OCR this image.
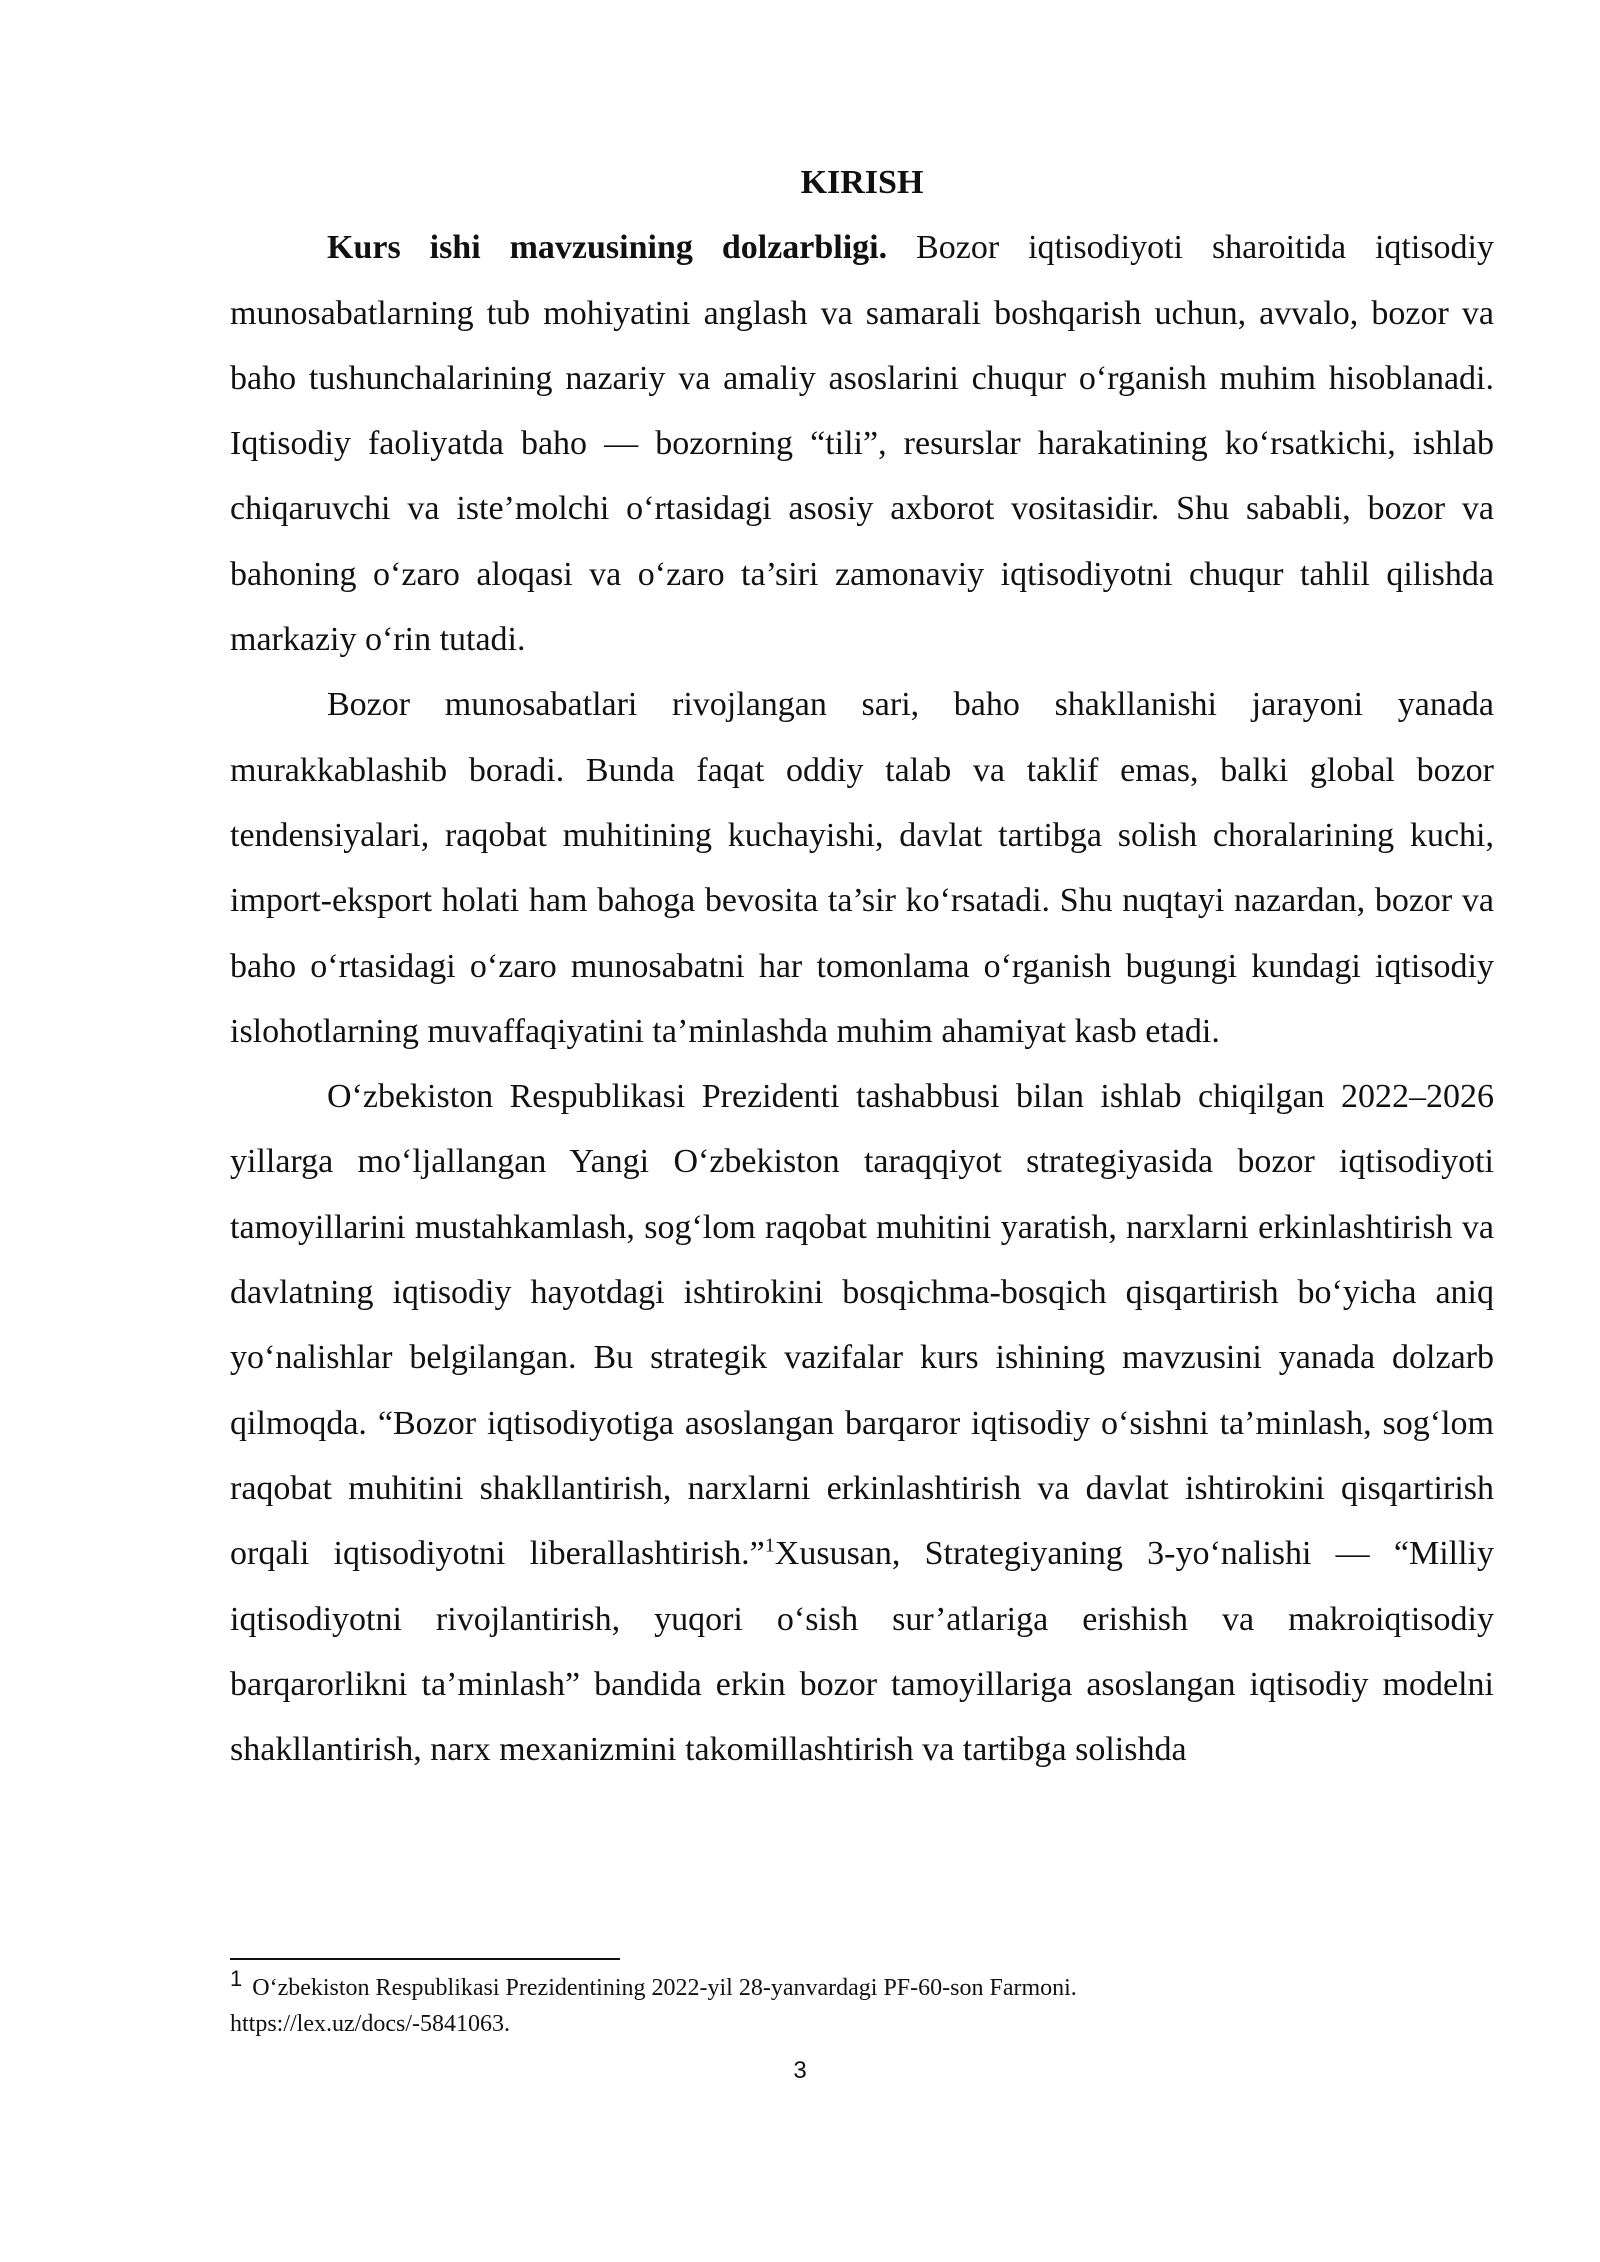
KIRISH

Kurs ishi mavzusining dolzarbligi. Bozor iqtisodiyoti sharoitida iqtisodiy munosabatlarning tub mohiyatini anglash va samarali boshqarish uchun, avvalo, bozor va baho tushunchalarining nazariy va amaliy asoslarini chuqur o‘rganish muhim hisoblanadi. Iqtisodiy faoliyatda baho — bozorning “tili”, resurslar harakatining ko‘rsatkichi, ishlab chiqaruvchi va iste’molchi o‘rtasidagi asosiy axborot vositasidir. Shu sababli, bozor va bahoning o‘zaro aloqasi va o‘zaro ta’siri zamonaviy iqtisodiyotni chuqur tahlil qilishda markaziy o‘rin tutadi.

Bozor munosabatlari rivojlangan sari, baho shakllanishi jarayoni yanada murakkablashib boradi. Bunda faqat oddiy talab va taklif emas, balki global bozor tendensiyalari, raqobat muhitining kuchayishi, davlat tartibga solish choralarining kuchi, import-eksport holati ham bahoga bevosita ta’sir ko‘rsatadi. Shu nuqtayi nazardan, bozor va baho o‘rtasidagi o‘zaro munosabatni har tomonlama o‘rganish bugungi kundagi iqtisodiy islohotlarning muvaffaqiyatini ta’minlashda muhim ahamiyat kasb etadi.

O‘zbekiston Respublikasi Prezidenti tashabbusi bilan ishlab chiqilgan 2022–2026 yillarga mo‘ljallangan Yangi O‘zbekiston taraqqiyot strategiyasida bozor iqtisodiyoti tamoyillarini mustahkamlash, sog‘lom raqobat muhitini yaratish, narxlarni erkinlashtirish va davlatning iqtisodiy hayotdagi ishtirokini bosqichma-bosqich qisqartirish bo‘yicha aniq yo‘nalishlar belgilangan. Bu strategik vazifalar kurs ishining mavzusini yanada dolzarb qilmoqda. “Bozor iqtisodiyotiga asoslangan barqaror iqtisodiy o‘sishni ta’minlash, sog‘lom raqobat muhitini shakllantirish, narxlarni erkinlashtirish va davlat ishtirokini qisqartirish orqali iqtisodiyotni liberallashtirish.”$^1$Xususan, Strategiyaning 3-yo‘nalishi — “Milliy iqtisodiyotni rivojlantirish, yuqori o‘sish sur’atlariga erishish va makroiqtisodiy barqarorlikni ta’minlash” bandida erkin bozor tamoyillariga asoslangan iqtisodiy modelni shakllantirish, narx mexanizmini takomillashtirish va tartibga solishda

1 O‘zbekiston Respublikasi Prezidentining 2022-yil 28-yanvardagi PF-60-son Farmoni.
https://lex.uz/docs/-5841063.
3
